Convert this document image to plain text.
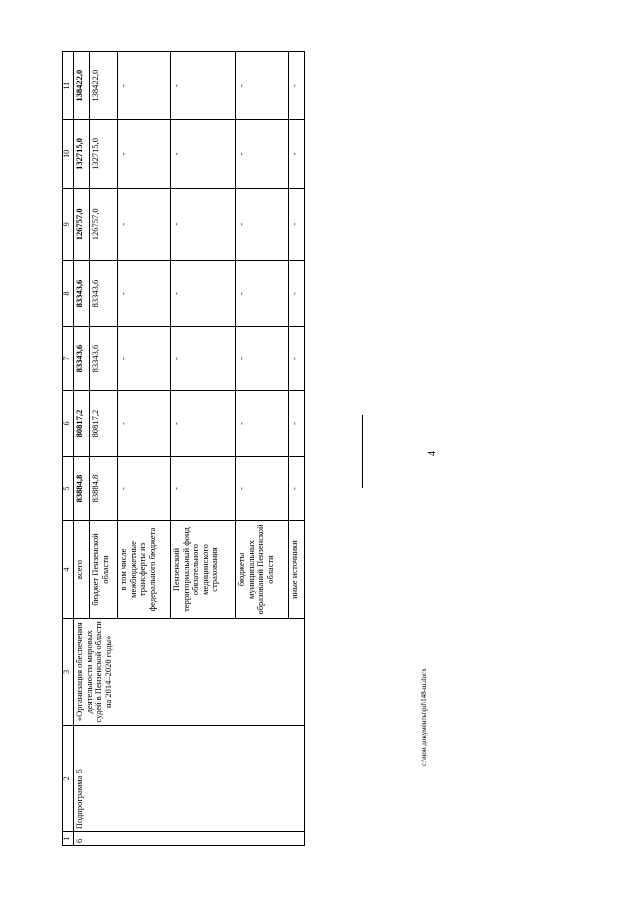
4
1	2	3	4	5	6	7	8	9	10	11
6	Подпрограмма 5	«Организация обеспечения деятельности мировых судей в Пензенской области на 2014–2020 годы»	всего	83884,8	80817,2	83343,6	83343,6	126757,0	132715,0	138422,0
			бюджет Пензенской области	83884,8	80817,2	83343,6	83343,6	126757,0	132715,0	138422,0
			в том числе межбюджетные трансферты из федерального бюджета	-	-	-	-	-	-	-
			Пензенский территориальный фонд обязательного медицинского страхования	-	-	-	-	-	-	-
			бюджеты муниципальных образований Пензенской области	-	-	-	-	-	-	-
			иные источники	-	-	-	-	-	-	-
c:\мои документы\pd\148-ш.docx
